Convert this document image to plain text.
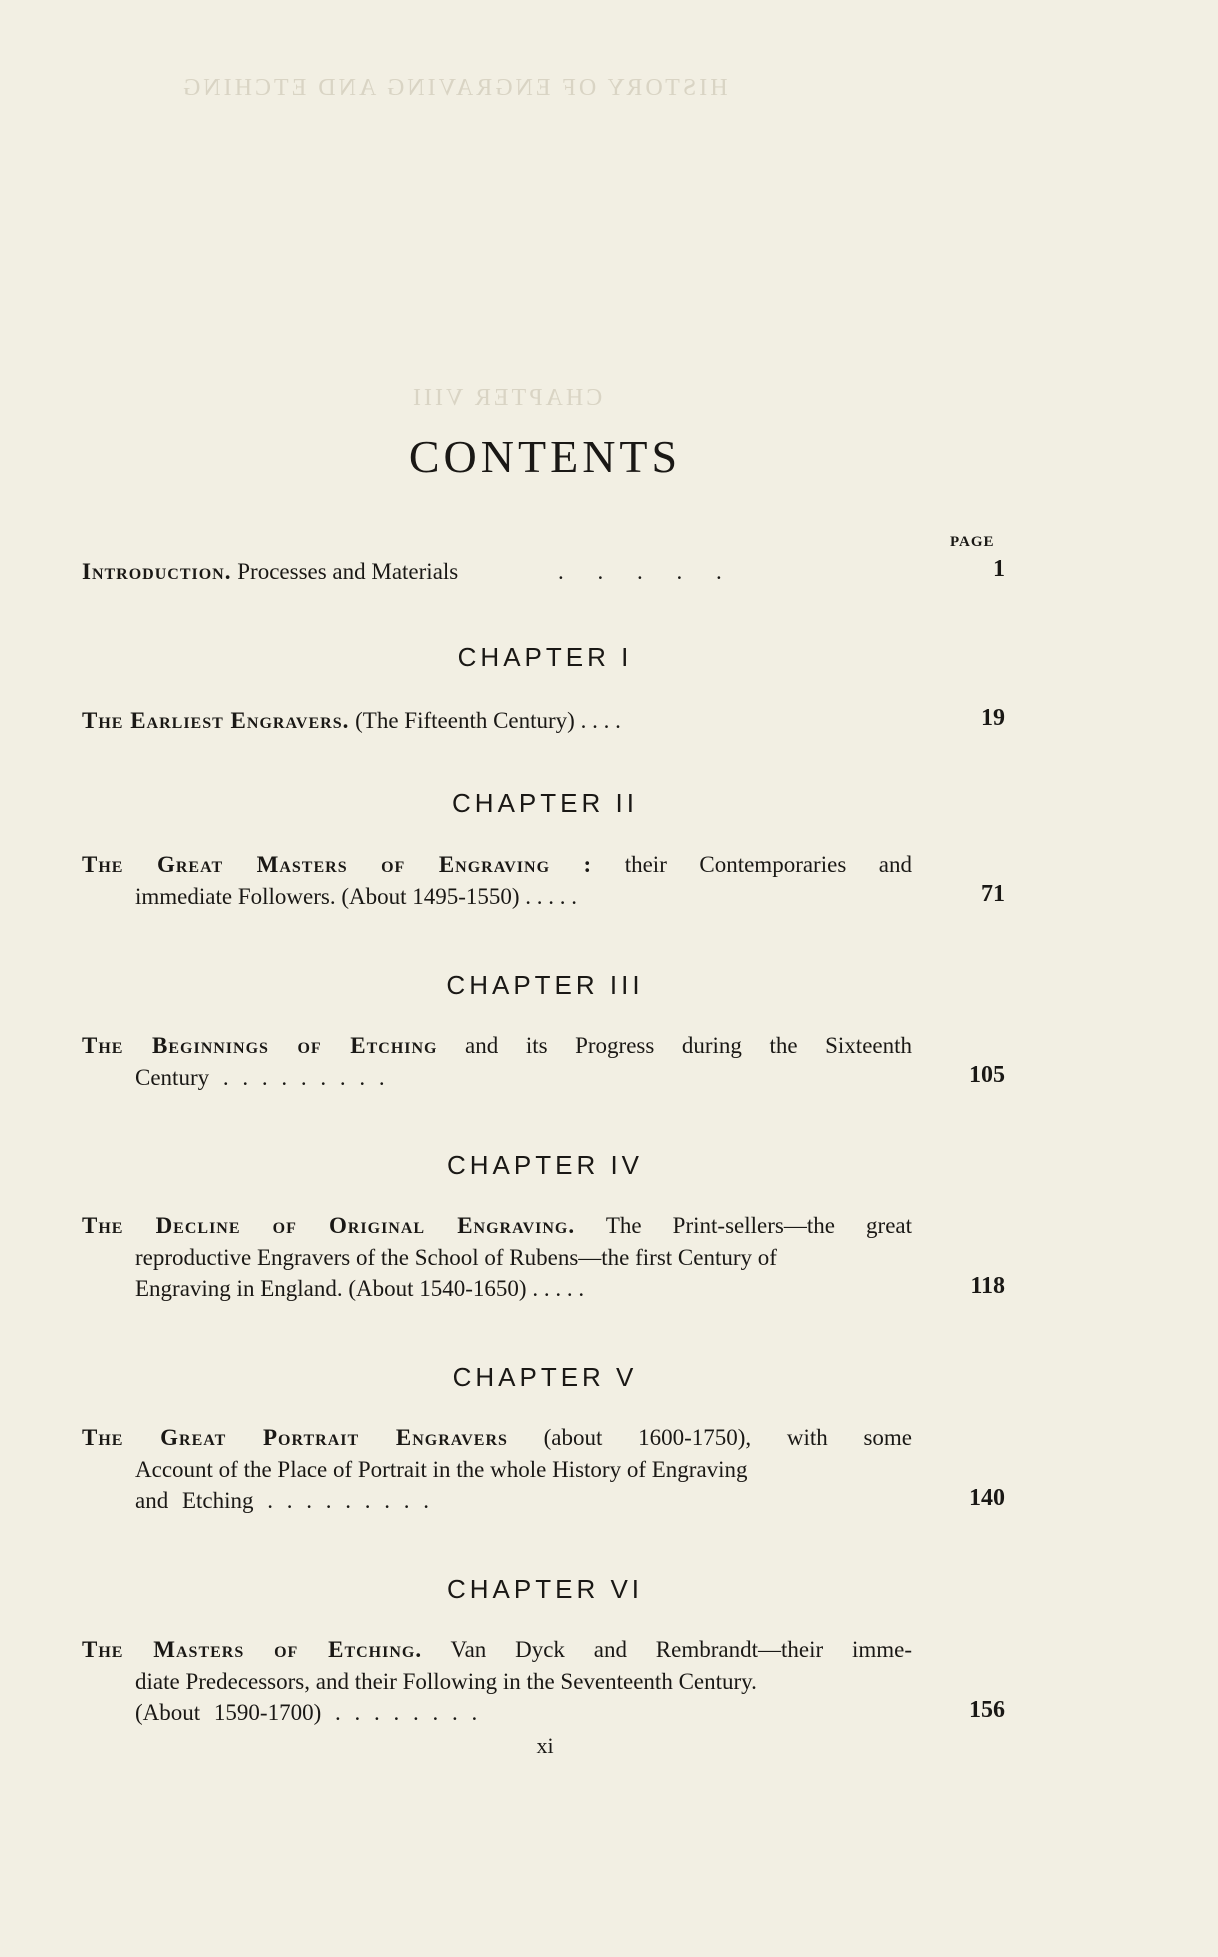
HISTORY OF ENGRAVING AND ETCHING
CHAPTER VIII
CONTENTS
PAGE
Introduction. Processes and Materials	. . . . .	1
CHAPTER I
The Earliest Engravers. (The Fifteenth Century) . . . .	19
CHAPTER II
The Great Masters of Engraving : their Contemporaries and
immediate Followers. (About 1495-1550) . . . . .	71
CHAPTER III
The Beginnings of Etching and its Progress during the Sixteenth
Century . . . . . . . . .	105
CHAPTER IV
The Decline of Original Engraving. The Print-sellers—the great
reproductive Engravers of the School of Rubens—the first Century of
Engraving in England. (About 1540-1650) . . . . .	118
CHAPTER V
The Great Portrait Engravers (about 1600-1750), with some
Account of the Place of Portrait in the whole History of Engraving
and Etching . . . . . . . . .	140
CHAPTER VI
The Masters of Etching. Van Dyck and Rembrandt—their imme-
diate Predecessors, and their Following in the Seventeenth Century.
(About 1590-1700) . . . . . . . .	156
xi
